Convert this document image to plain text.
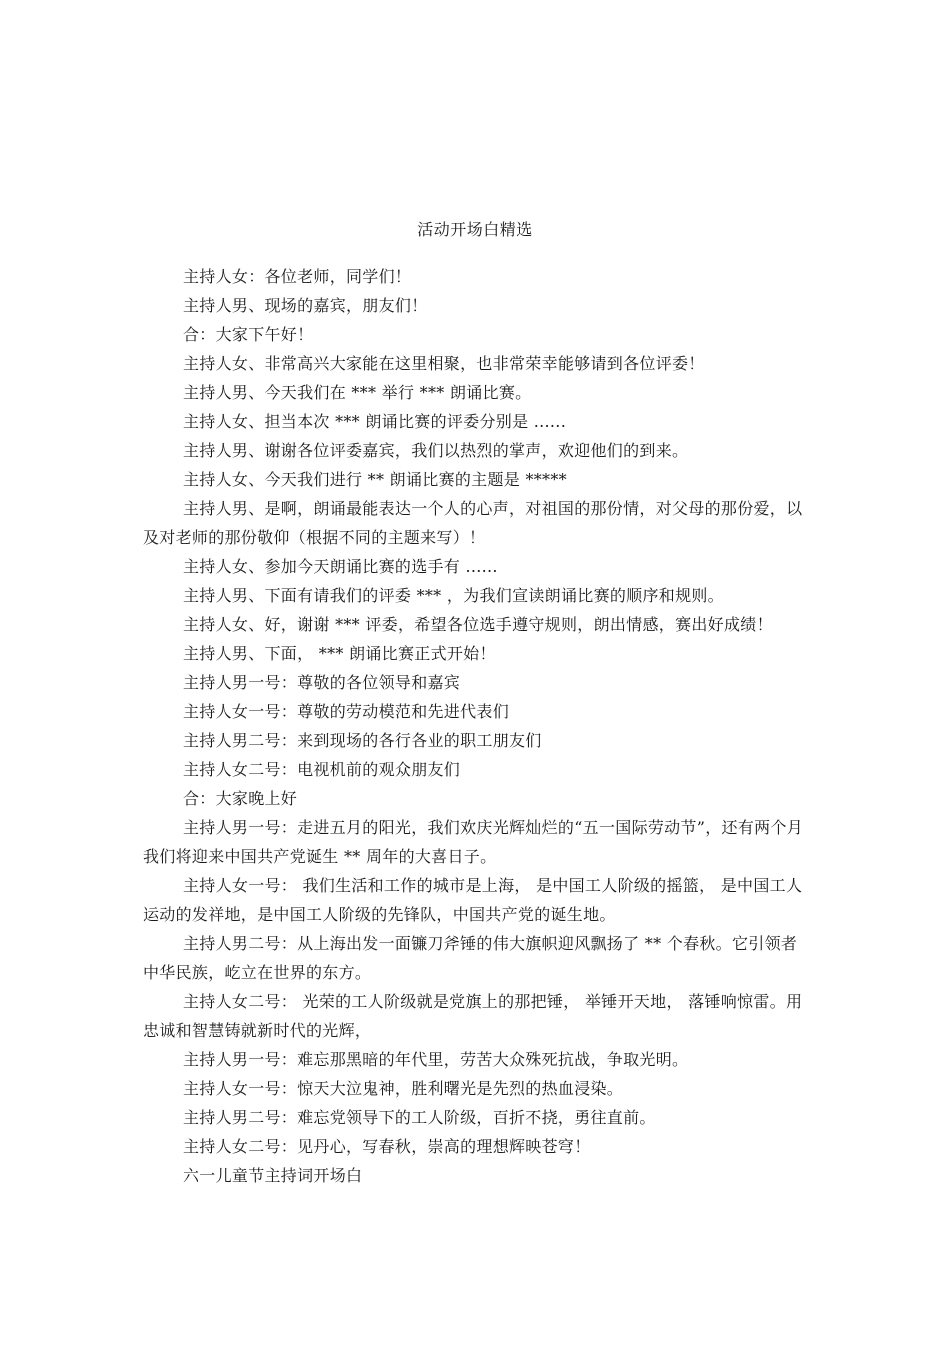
活动开场白精选

主持人女：各位老师，同学们！

主持人男、现场的嘉宾，朋友们！

合：大家下午好！

主持人女、非常高兴大家能在这里相聚，也非常荣幸能够请到各位评委！

主持人男、今天我们在 *** 举行 *** 朗诵比赛。

主持人女、担当本次 *** 朗诵比赛的评委分别是 ......

主持人男、谢谢各位评委嘉宾，我们以热烈的掌声，欢迎他们的到来。

主持人女、今天我们进行 ** 朗诵比赛的主题是 *****

主持人男、是啊，朗诵最能表达一个人的心声，对祖国的那份情，对父母的那份爱，以及对老师的那份敬仰（根据不同的主题来写）！

主持人女、参加今天朗诵比赛的选手有 ......

主持人男、下面有请我们的评委 *** ，为我们宣读朗诵比赛的顺序和规则。

主持人女、好，谢谢 *** 评委，希望各位选手遵守规则，朗出情感，赛出好成绩！

主持人男、下面， *** 朗诵比赛正式开始！

主持人男一号：尊敬的各位领导和嘉宾

主持人女一号：尊敬的劳动模范和先进代表们

主持人男二号：来到现场的各行各业的职工朋友们

主持人女二号：电视机前的观众朋友们

合：大家晚上好

主持人男一号：走进五月的阳光，我们欢庆光辉灿烂的“五一国际劳动节”，还有两个月我们将迎来中国共产党诞生 ** 周年的大喜日子。

主持人女一号： 我们生活和工作的城市是上海， 是中国工人阶级的摇篮， 是中国工人运动的发祥地，是中国工人阶级的先锋队，中国共产党的诞生地。

主持人男二号：从上海出发一面镰刀斧锤的伟大旗帜迎风飘扬了 ** 个春秋。它引领者中华民族，屹立在世界的东方。

主持人女二号： 光荣的工人阶级就是党旗上的那把锤， 举锤开天地， 落锤响惊雷。用忠诚和智慧铸就新时代的光辉，

主持人男一号：难忘那黑暗的年代里，劳苦大众殊死抗战，争取光明。

主持人女一号：惊天大泣鬼神，胜利曙光是先烈的热血浸染。

主持人男二号：难忘党领导下的工人阶级，百折不挠，勇往直前。

主持人女二号：见丹心，写春秋，崇高的理想辉映苍穹！

六一儿童节主持词开场白
